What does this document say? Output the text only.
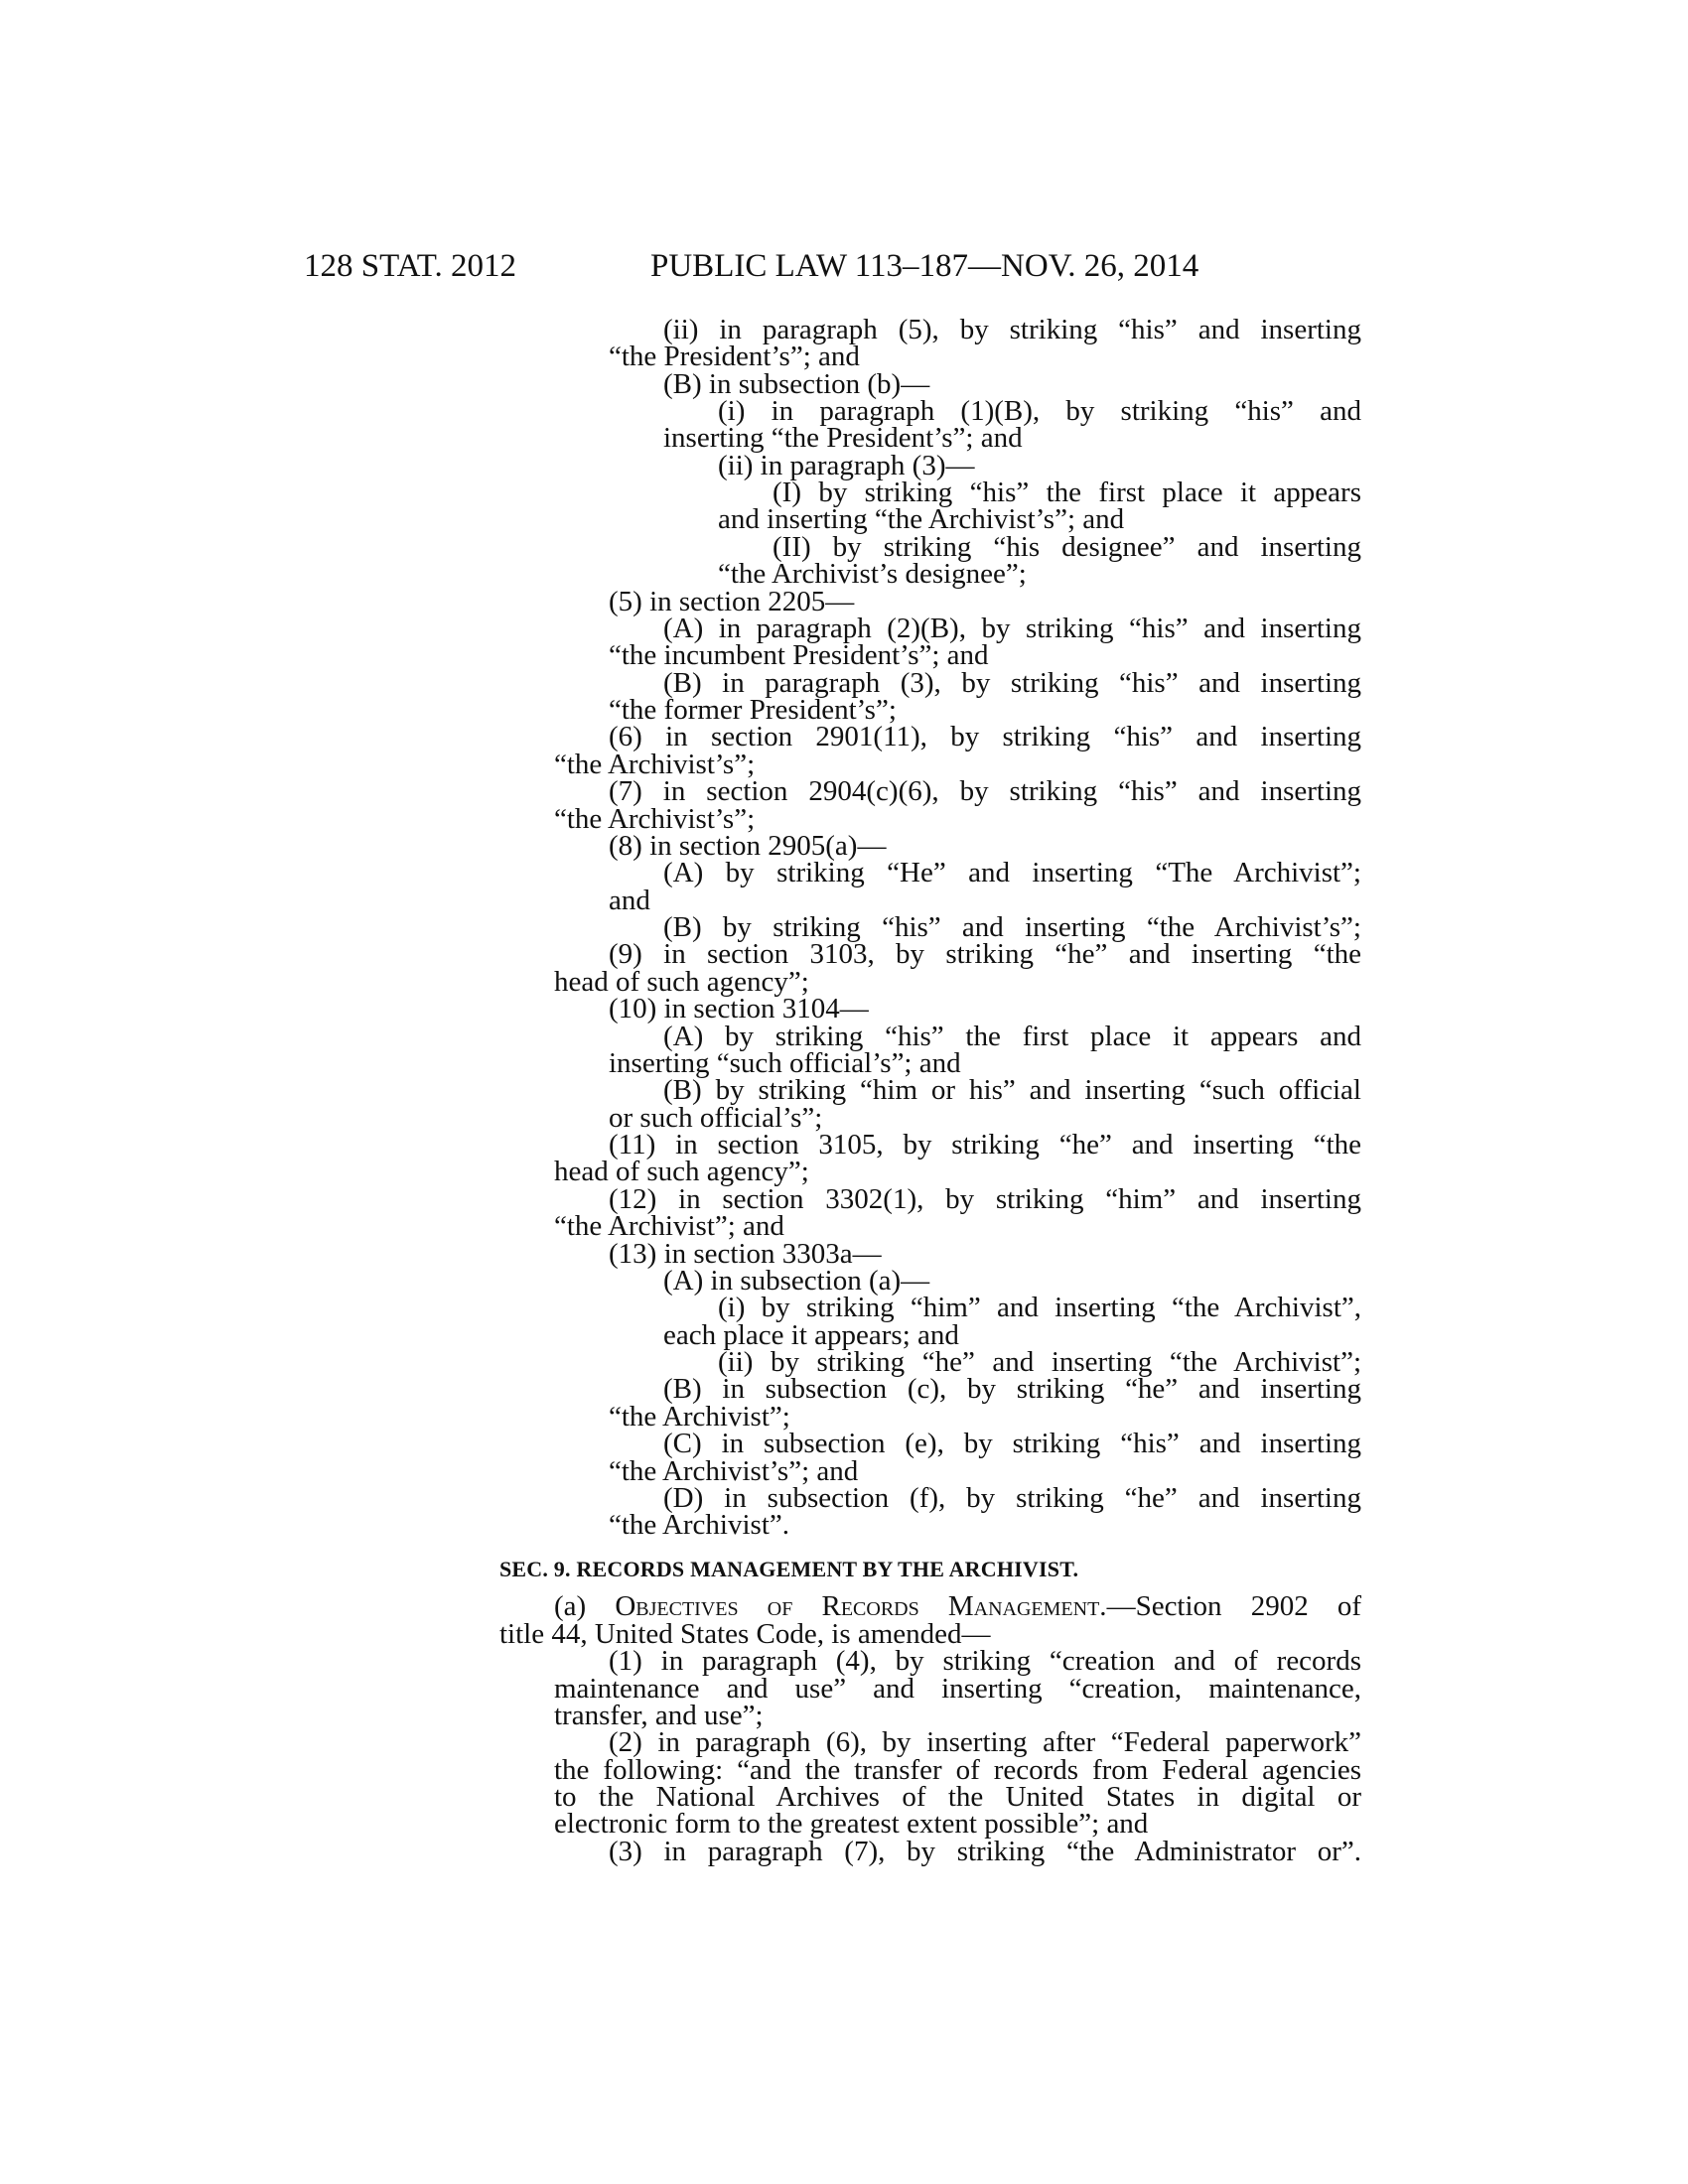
128 STAT. 2012	PUBLIC LAW 113–187—NOV. 26, 2014
(ii) in paragraph (5), by striking “his” and inserting
“the President’s”; and
(B) in subsection (b)—
(i) in paragraph (1)(B), by striking “his” and
inserting “the President’s”; and
(ii) in paragraph (3)—
(I) by striking “his” the first place it appears
and inserting “the Archivist’s”; and
(II) by striking “his designee” and inserting
“the Archivist’s designee”;
(5) in section 2205—
(A) in paragraph (2)(B), by striking “his” and inserting
“the incumbent President’s”; and
(B) in paragraph (3), by striking “his” and inserting
“the former President’s”;
(6) in section 2901(11), by striking “his” and inserting
“the Archivist’s”;
(7) in section 2904(c)(6), by striking “his” and inserting
“the Archivist’s”;
(8) in section 2905(a)—
(A) by striking “He” and inserting “The Archivist”;
and
(B) by striking “his” and inserting “the Archivist’s”;
(9) in section 3103, by striking “he” and inserting “the
head of such agency”;
(10) in section 3104—
(A) by striking “his” the first place it appears and
inserting “such official’s”; and
(B) by striking “him or his” and inserting “such official
or such official’s”;
(11) in section 3105, by striking “he” and inserting “the
head of such agency”;
(12) in section 3302(1), by striking “him” and inserting
“the Archivist”; and
(13) in section 3303a—
(A) in subsection (a)—
(i) by striking “him” and inserting “the Archivist”,
each place it appears; and
(ii) by striking “he” and inserting “the Archivist”;
(B) in subsection (c), by striking “he” and inserting
“the Archivist”;
(C) in subsection (e), by striking “his” and inserting
“the Archivist’s”; and
(D) in subsection (f), by striking “he” and inserting
“the Archivist”.
SEC. 9. RECORDS MANAGEMENT BY THE ARCHIVIST.
(a) Objectives of Records Management.—Section 2902 of
title 44, United States Code, is amended—
(1) in paragraph (4), by striking “creation and of records
maintenance and use” and inserting “creation, maintenance,
transfer, and use”;
(2) in paragraph (6), by inserting after “Federal paperwork”
the following: “and the transfer of records from Federal agencies
to the National Archives of the United States in digital or
electronic form to the greatest extent possible”; and
(3) in paragraph (7), by striking “the Administrator or”.
